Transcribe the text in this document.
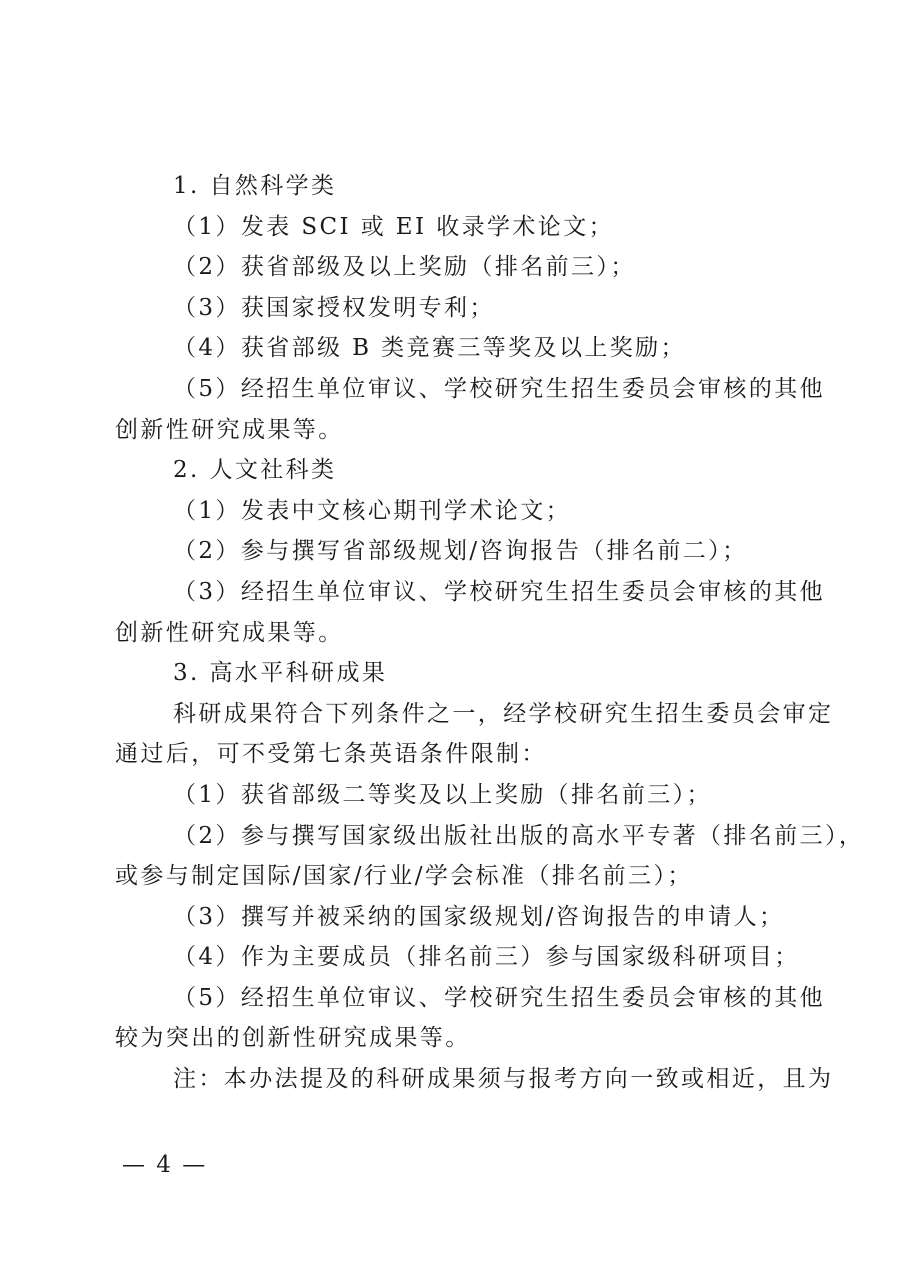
1. 自然科学类
（1）发表 SCI 或 EI 收录学术论文；
（2）获省部级及以上奖励（排名前三）；
（3）获国家授权发明专利；
（4）获省部级 B 类竞赛三等奖及以上奖励；
（5）经招生单位审议、学校研究生招生委员会审核的其他
创新性研究成果等。
2. 人文社科类
（1）发表中文核心期刊学术论文；
（2）参与撰写省部级规划/咨询报告（排名前二）；
（3）经招生单位审议、学校研究生招生委员会审核的其他
创新性研究成果等。
3. 高水平科研成果
科研成果符合下列条件之一，经学校研究生招生委员会审定
通过后，可不受第七条英语条件限制：
（1）获省部级二等奖及以上奖励（排名前三）；
（2）参与撰写国家级出版社出版的高水平专著（排名前三），
或参与制定国际/国家/行业/学会标准（排名前三）；
（3）撰写并被采纳的国家级规划/咨询报告的申请人；
（4）作为主要成员（排名前三）参与国家级科研项目；
（5）经招生单位审议、学校研究生招生委员会审核的其他
较为突出的创新性研究成果等。
注：本办法提及的科研成果须与报考方向一致或相近，且为
— 4 —
